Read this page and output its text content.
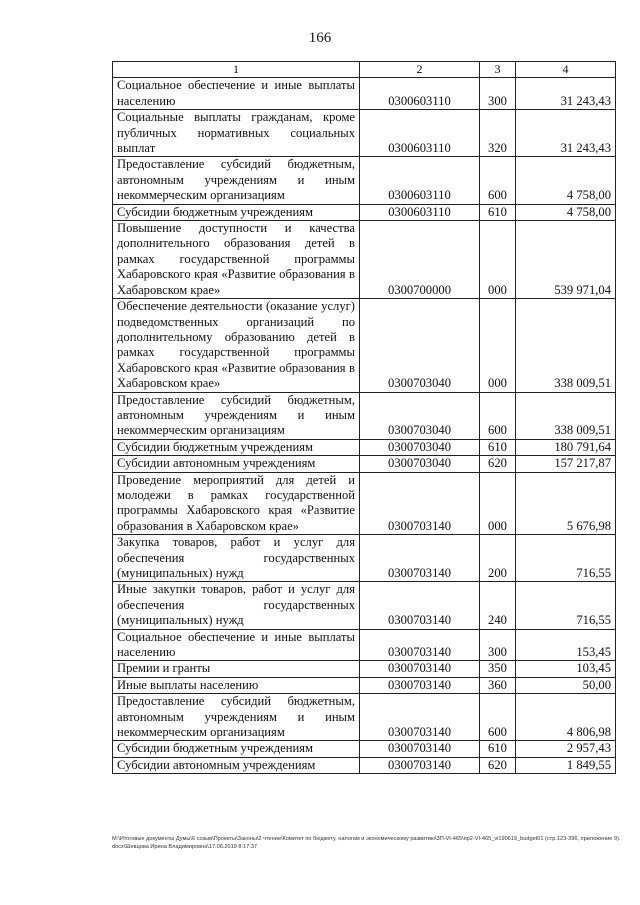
166
1	2	3	4
Социальное обеспечение и иные выплаты населению	0300603110	300	31 243,43
Социальные выплаты гражданам, кроме публичных нормативных социальных выплат	0300603110	320	31 243,43
Предоставление субсидий бюджетным, автономным учреждениям и иным некоммерческим организациям	0300603110	600	4 758,00
Субсидии бюджетным учреждениям	0300603110	610	4 758,00
Повышение доступности и качества дополнительного образования детей в рамках государственной программы Хабаровского края «Развитие образования в Хабаровском крае»	0300700000	000	539 971,04
Обеспечение деятельности (оказание услуг) подведомственных организаций по дополнительному образованию детей в рамках государственной программы Хабаровского края «Развитие образования в Хабаровском крае»	0300703040	000	338 009,51
Предоставление субсидий бюджетным, автономным учреждениям и иным некоммерческим организациям	0300703040	600	338 009,51
Субсидии бюджетным учреждениям	0300703040	610	180 791,64
Субсидии автономным учреждениям	0300703040	620	157 217,87
Проведение мероприятий для детей и молодежи в рамках государственной программы Хабаровского края «Развитие образования в Хабаровском крае»	0300703140	000	5 676,98
Закупка товаров, работ и услуг для обеспечения государственных (муниципальных) нужд	0300703140	200	716,55
Иные закупки товаров, работ и услуг для обеспечения государственных (муниципальных) нужд	0300703140	240	716,55
Социальное обеспечение и иные выплаты населению	0300703140	300	153,45
Премии и гранты	0300703140	350	103,45
Иные выплаты населению	0300703140	360	50,00
Предоставление субсидий бюджетным, автономным учреждениям и иным некоммерческим организациям	0300703140	600	4 806,98
Субсидии бюджетным учреждениям	0300703140	610	2 957,43
Субсидии автономным учреждениям	0300703140	620	1 849,55
M:\Итоговые документы Думы\6 созыв\Проекты\Законы\2 чтение\Комитет по бюджету, налогам и экономическому развитию\3П-VI-465\пр2-VI-465_vi190619_budget01 (стр.123-396, приложение 9).docx\Шевцова Ирина Владимировна\17.06.2019 8:17:37
